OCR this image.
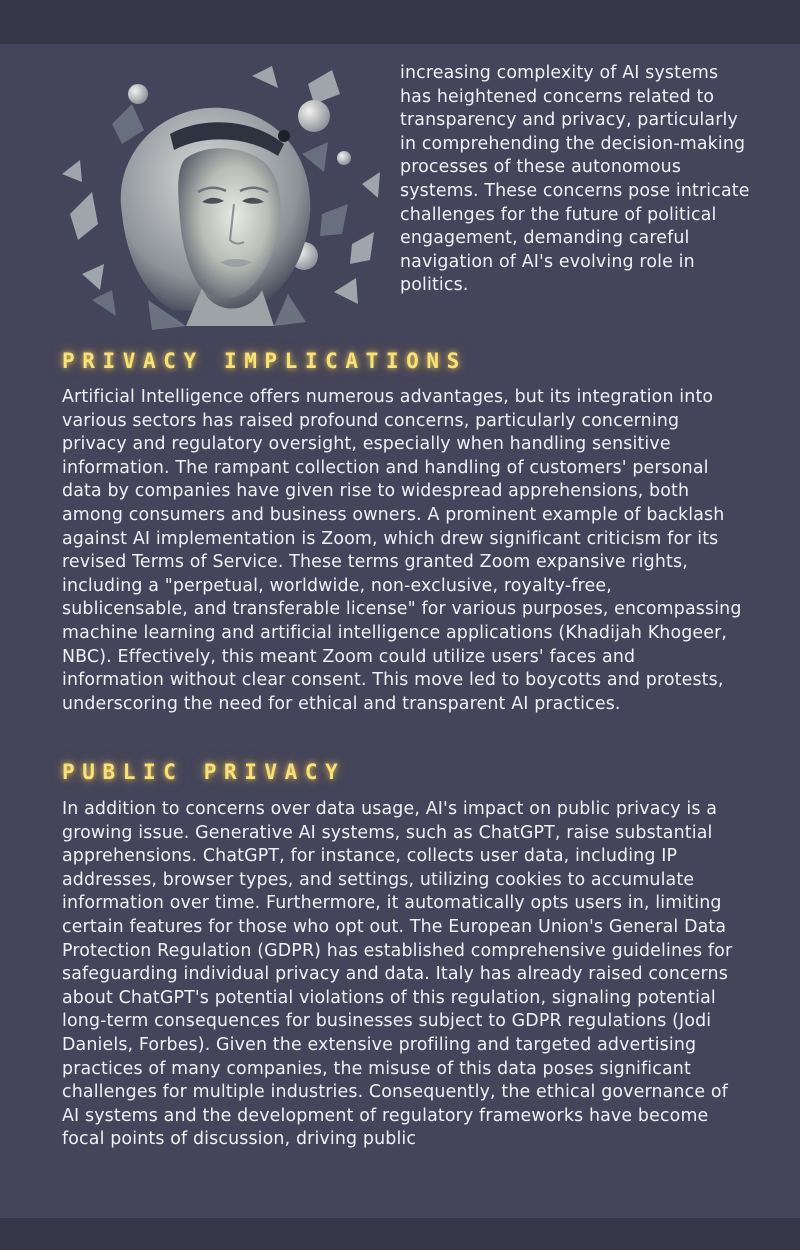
increasing complexity of AI systems has heightened concerns related to transparency and privacy, particularly in comprehending the decision-making processes of these autonomous systems. These concerns pose intricate challenges for the future of political engagement, demanding careful navigation of AI's evolving role in politics.
PRIVACY IMPLICATIONS

Artificial Intelligence offers numerous advantages, but its integration into various sectors has raised profound concerns, particularly concerning privacy and regulatory oversight, especially when handling sensitive information. The rampant collection and handling of customers' personal data by companies have given rise to widespread apprehensions, both among consumers and business owners. A prominent example of backlash against AI implementation is Zoom, which drew significant criticism for its revised Terms of Service. These terms granted Zoom expansive rights, including a "perpetual, worldwide, non-exclusive, royalty-free, sublicensable, and transferable license" for various purposes, encompassing machine learning and artificial intelligence applications (Khadijah Khogeer, NBC). Effectively, this meant Zoom could utilize users' faces and information without clear consent. This move led to boycotts and protests, underscoring the need for ethical and transparent AI practices.

PUBLIC PRIVACY

In addition to concerns over data usage, AI's impact on public privacy is a growing issue. Generative AI systems, such as ChatGPT, raise substantial apprehensions. ChatGPT, for instance, collects user data, including IP addresses, browser types, and settings, utilizing cookies to accumulate information over time. Furthermore, it automatically opts users in, limiting certain features for those who opt out. The European Union's General Data Protection Regulation (GDPR) has established comprehensive guidelines for safeguarding individual privacy and data. Italy has already raised concerns about ChatGPT's potential violations of this regulation, signaling potential long-term consequences for businesses subject to GDPR regulations (Jodi Daniels, Forbes). Given the extensive profiling and targeted advertising practices of many companies, the misuse of this data poses significant challenges for multiple industries. Consequently, the ethical governance of AI systems and the development of regulatory frameworks have become focal points of discussion, driving public
